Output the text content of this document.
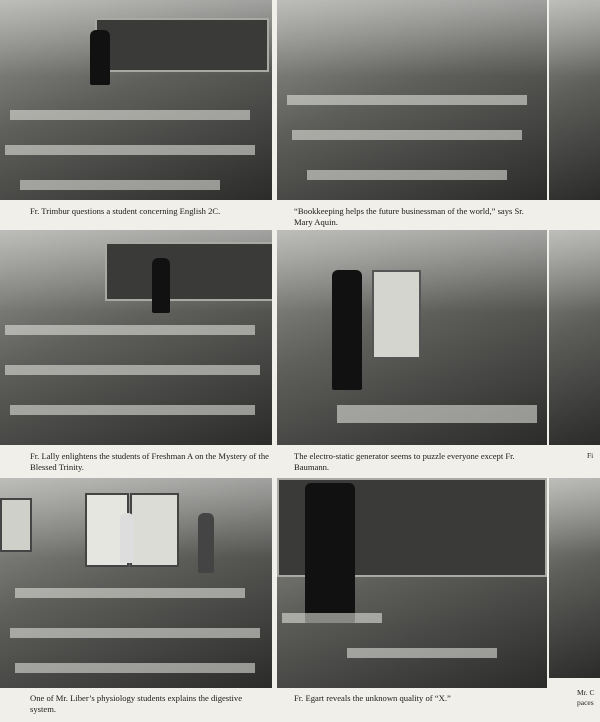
Fr. Trimbur questions a student concerning English 2C.	“Bookkeeping helps the future businessman of the world,” says Sr. Mary Aquin.

Fr. Lally enlightens the students of Freshman A on the Mystery of the Blessed Trinity.

The electro-static generator seems to puzzle everyone except Fr. Baumann.

Fi

One of Mr. Liber’s physiology students explains the digestive system.

Fr. Egart reveals the unknown quality of “X.”

Mr. C
paces
